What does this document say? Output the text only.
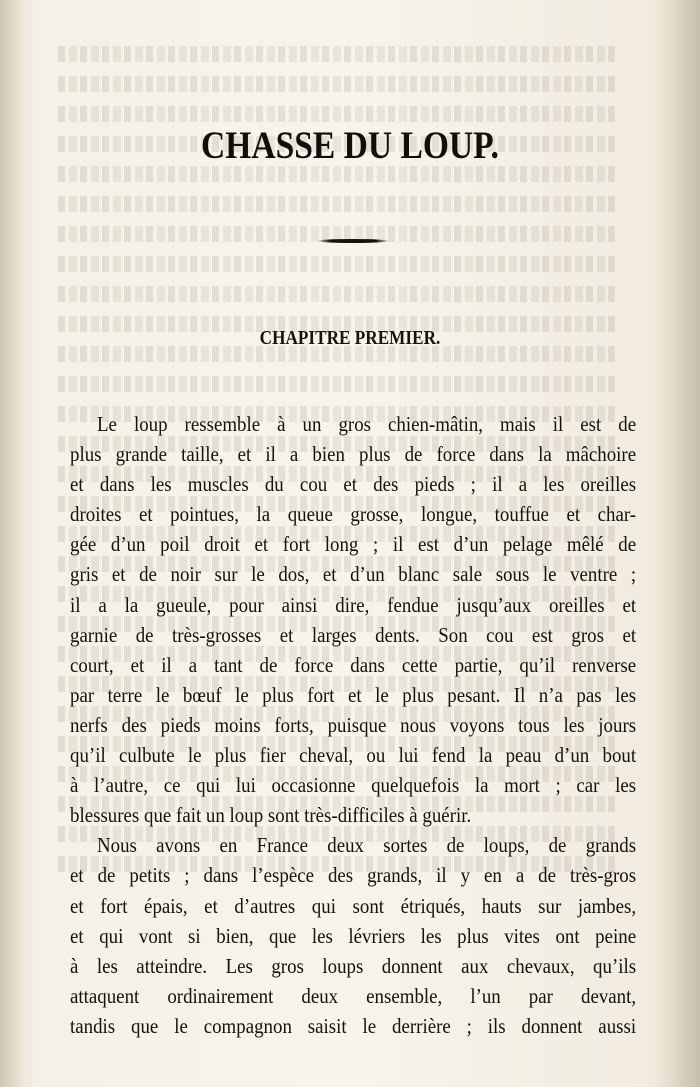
CHASSE DU LOUP.
CHAPITRE PREMIER.

Le loup ressemble à un gros chien-mâtin, mais il est de

plus grande taille, et il a bien plus de force dans la mâchoire

et dans les muscles du cou et des pieds ; il a les oreilles

droites et pointues, la queue grosse, longue, touffue et char-

gée d’un poil droit et fort long ; il est d’un pelage mêlé de

gris et de noir sur le dos, et d’un blanc sale sous le ventre ;

il a la gueule, pour ainsi dire, fendue jusqu’aux oreilles et

garnie de très-grosses et larges dents. Son cou est gros et

court, et il a tant de force dans cette partie, qu’il renverse

par terre le bœuf le plus fort et le plus pesant. Il n’a pas les

nerfs des pieds moins forts, puisque nous voyons tous les jours

qu’il culbute le plus fier cheval, ou lui fend la peau d’un bout

à l’autre, ce qui lui occasionne quelquefois la mort ; car les

blessures que fait un loup sont très-difficiles à guérir.

Nous avons en France deux sortes de loups, de grands

et de petits ; dans l’espèce des grands, il y en a de très-gros

et fort épais, et d’autres qui sont étriqués, hauts sur jambes,

et qui vont si bien, que les lévriers les plus vites ont peine

à les atteindre. Les gros loups donnent aux chevaux, qu’ils

attaquent ordinairement deux ensemble, l’un par devant,

tandis que le compagnon saisit le derrière ; ils donnent aussi
